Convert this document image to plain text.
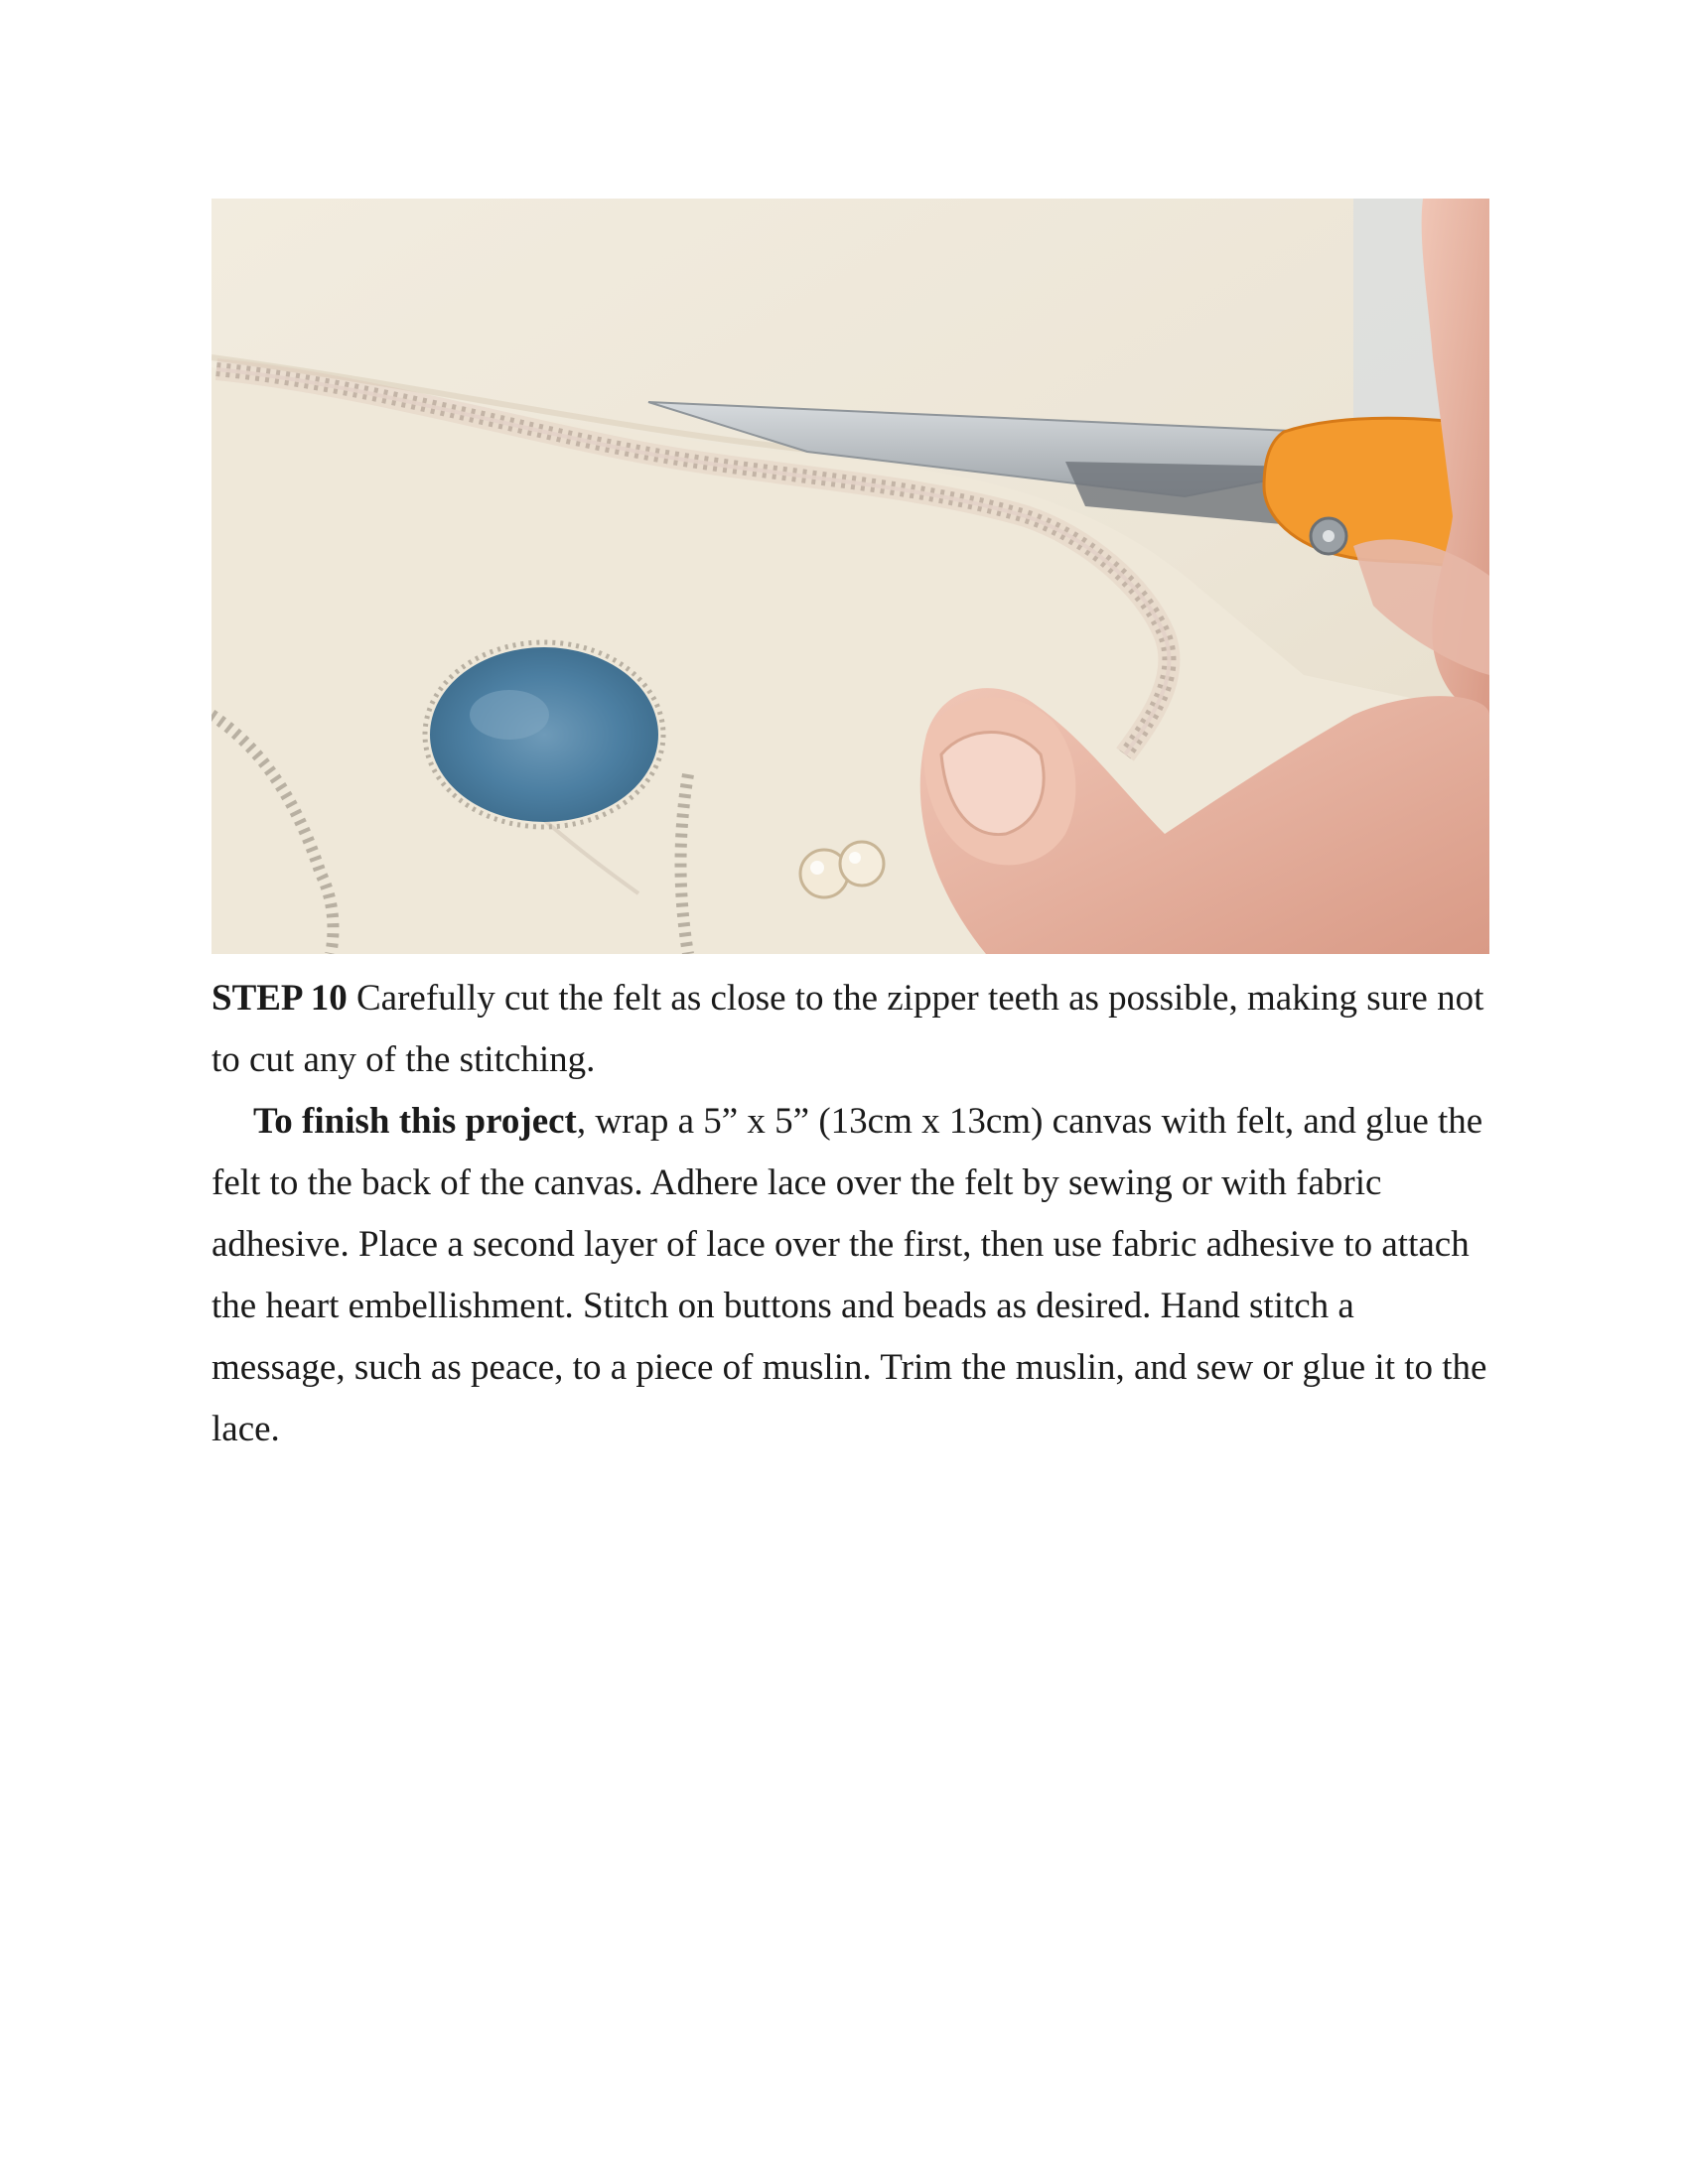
STEP 10 Carefully cut the felt as close to the zipper teeth as possible, making sure not to cut any of the stitching.

To finish this project, wrap a 5” x 5” (13cm x 13cm) canvas with felt, and glue the felt to the back of the canvas. Adhere lace over the felt by sewing or with fabric adhesive. Place a second layer of lace over the first, then use fabric adhesive to attach the heart embellishment. Stitch on buttons and beads as desired. Hand stitch a message, such as peace, to a piece of muslin. Trim the muslin, and sew or glue it to the lace.
